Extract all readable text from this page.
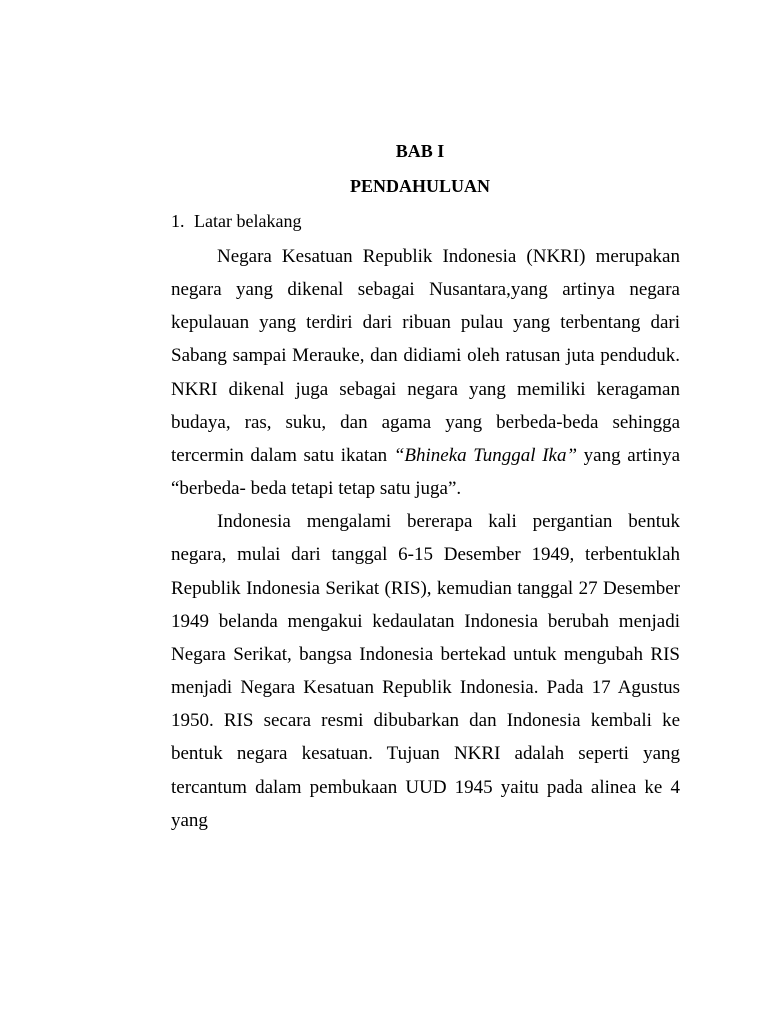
BAB I
PENDAHULUAN
1. Latar belakang

Negara Kesatuan Republik Indonesia (NKRI) merupakan negara yang dikenal sebagai Nusantara,yang artinya negara kepulauan yang terdiri dari ribuan pulau yang terbentang dari Sabang sampai Merauke, dan didiami oleh ratusan juta penduduk. NKRI dikenal juga sebagai negara yang memiliki keragaman budaya, ras, suku, dan agama yang berbeda-beda sehingga tercermin dalam satu ikatan “Bhineka Tunggal Ika” yang artinya “berbeda- beda tetapi tetap satu juga”.

Indonesia mengalami bererapa kali pergantian bentuk negara, mulai dari tanggal 6-15 Desember 1949, terbentuklah Republik Indonesia Serikat (RIS), kemudian tanggal 27 Desember 1949 belanda mengakui kedaulatan Indonesia berubah menjadi Negara Serikat, bangsa Indonesia bertekad untuk mengubah RIS menjadi Negara Kesatuan Republik Indonesia. Pada 17 Agustus 1950. RIS secara resmi dibubarkan dan Indonesia kembali ke bentuk negara kesatuan. Tujuan NKRI adalah seperti yang tercantum dalam pembukaan UUD 1945 yaitu pada alinea ke 4 yang
